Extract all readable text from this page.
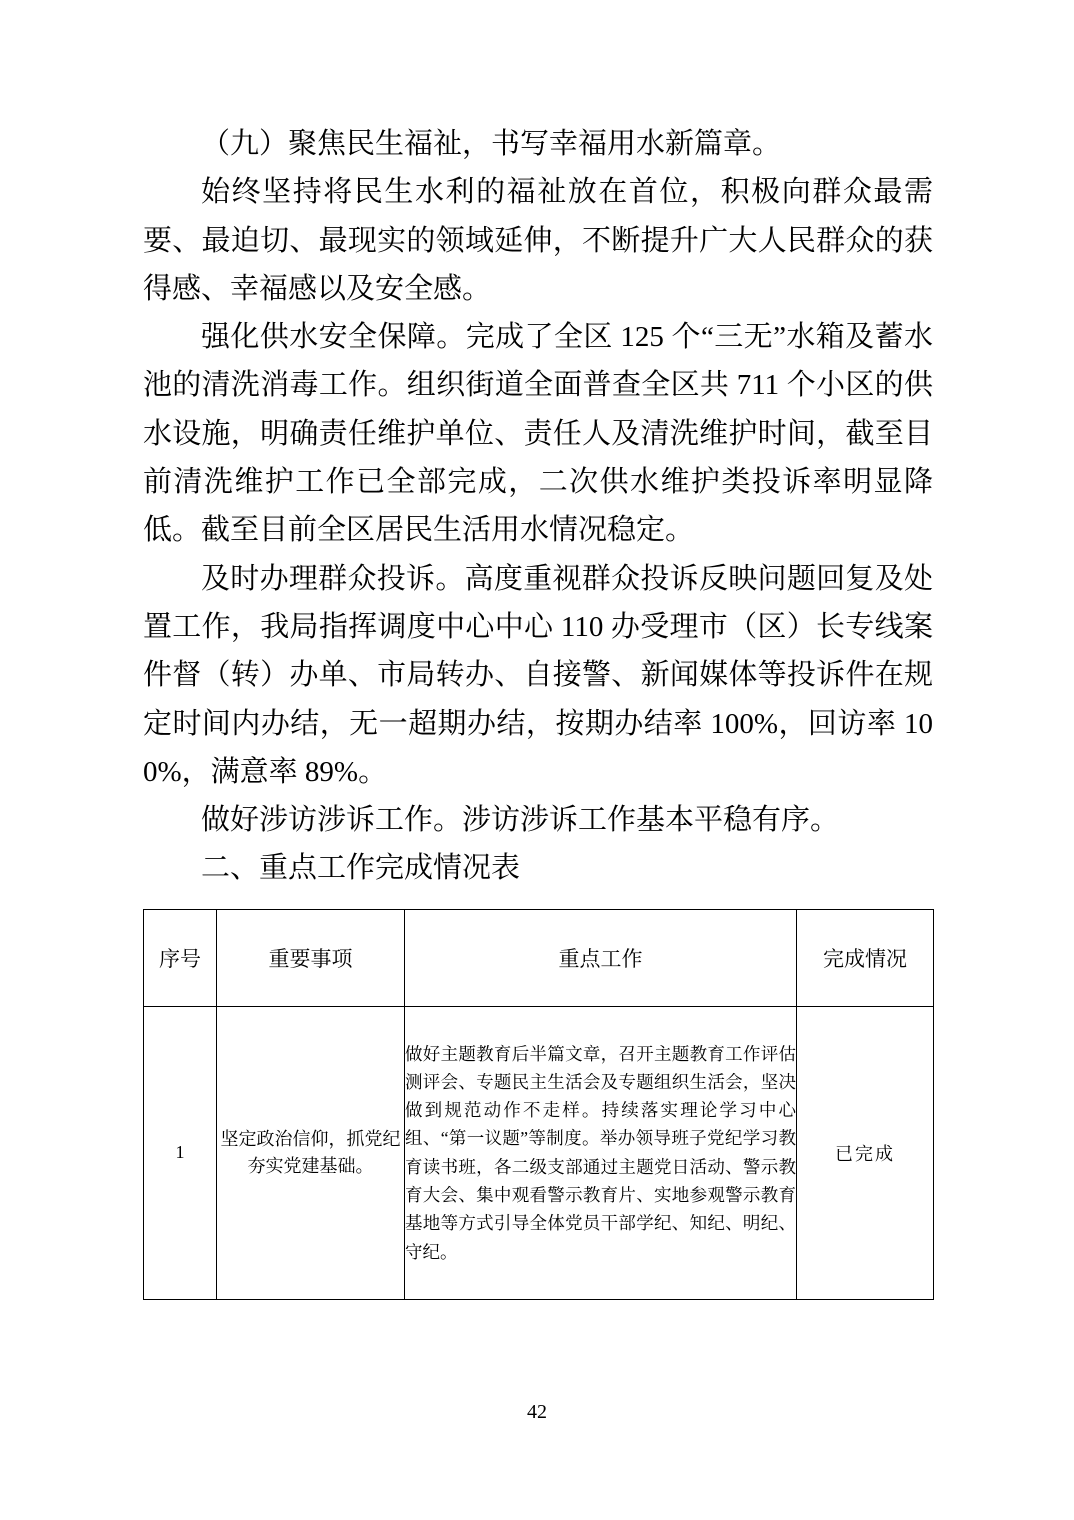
（九）聚焦民生福祉，书写幸福用水新篇章。

始终坚持将民生水利的福祉放在首位，积极向群众最需要、最迫切、最现实的领域延伸，不断提升广大人民群众的获得感、幸福感以及安全感。

强化供水安全保障。完成了全区 125 个“三无”水箱及蓄水池的清洗消毒工作。组织街道全面普查全区共 711 个小区的供水设施，明确责任维护单位、责任人及清洗维护时间，截至目前清洗维护工作已全部完成，二次供水维护类投诉率明显降低。截至目前全区居民生活用水情况稳定。

及时办理群众投诉。高度重视群众投诉反映问题回复及处置工作，我局指挥调度中心中心 110 办受理市（区）长专线案件督（转）办单、市局转办、自接警、新闻媒体等投诉件在规定时间内办结，无一超期办结，按期办结率 100%，回访率 100%，满意率 89%。

做好涉访涉诉工作。涉访涉诉工作基本平稳有序。

二、重点工作完成情况表

序号	重要事项	重点工作	完成情况
1	坚定政治信仰，抓党纪夯实党建基础。	做好主题教育后半篇文章，召开主题教育工作评估测评会、专题民主生活会及专题组织生活会，坚决做到规范动作不走样。持续落实理论学习中心组、“第一议题”等制度。举办领导班子党纪学习教育读书班，各二级支部通过主题党日活动、警示教育大会、集中观看警示教育片、实地参观警示教育基地等方式引导全体党员干部学纪、知纪、明纪、守纪。	已完成
42
